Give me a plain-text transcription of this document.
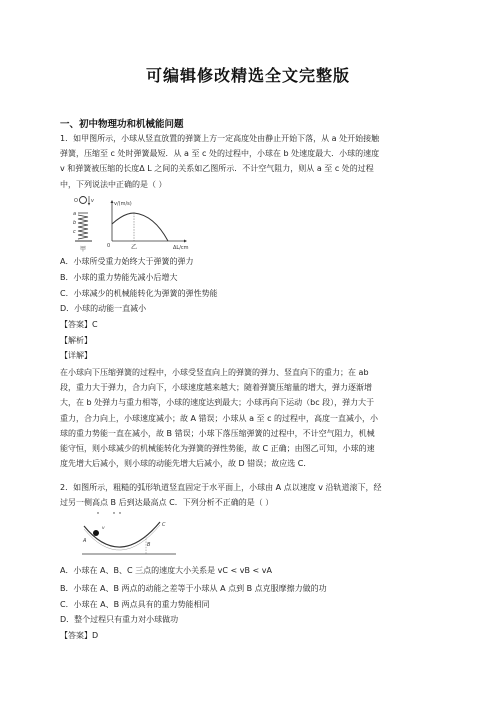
可编辑修改精选全文完整版
一、初中物理功和机械能问题
1．如甲图所示，小球从竖直放置的弹簧上方一定高度处由静止开始下落，从 a 处开始接触
弹簧，压缩至 c 处时弹簧最短．从 a 至 c 处的过程中，小球在 b 处速度最大．小球的速度
v 和弹簧被压缩的长度Δ L 之间的关系如乙图所示．不计空气阻力，则从 a 至 c 处的过程
中，下列说法中正确的是（ ）
v
O
a
b
c
甲
v/(m/s)
ΔL/cm
0	乙
A．小球所受重力始终大于弹簧的弹力
B．小球的重力势能先减小后增大
C．小球减少的机械能转化为弹簧的弹性势能
D．小球的动能一直减小
【答案】C
【解析】
【详解】
在小球向下压缩弹簧的过程中，小球受竖直向上的弹簧的弹力、竖直向下的重力；在 ab
段，重力大于弹力，合力向下，小球速度越来越大；随着弹簧压缩量的增大，弹力逐渐增
大，在 b 处弹力与重力相等，小球的速度达到最大；小球再向下运动（bc 段），弹力大于
重力，合力向上，小球速度减小；故 A 错误；小球从 a 至 c 的过程中，高度一直减小，小
球的重力势能一直在减小，故 B 错误；小球下落压缩弹簧的过程中，不计空气阻力，机械
能守恒，则小球减少的机械能转化为弹簧的弹性势能，故 C 正确；由图乙可知，小球的速
度先增大后减小，则小球的动能先增大后减小，故 D 错误；故应选 C．
2．如图所示，粗糙的弧形轨道竖直固定于水平面上，小球由 A 点以速度 v 沿轨道滚下，经
过另一侧高点 B 后到达最高点 C．下列分析不正确的是（ ）
A
B
C
v
A．小球在 A、B、C 三点的速度大小关系是 vC < vB < vA
B．小球在 A、B 两点的动能之差等于小球从 A 点到 B 点克服摩擦力做的功
C．小球在 A、B 两点具有的重力势能相同
D．整个过程只有重力对小球做功
【答案】D
